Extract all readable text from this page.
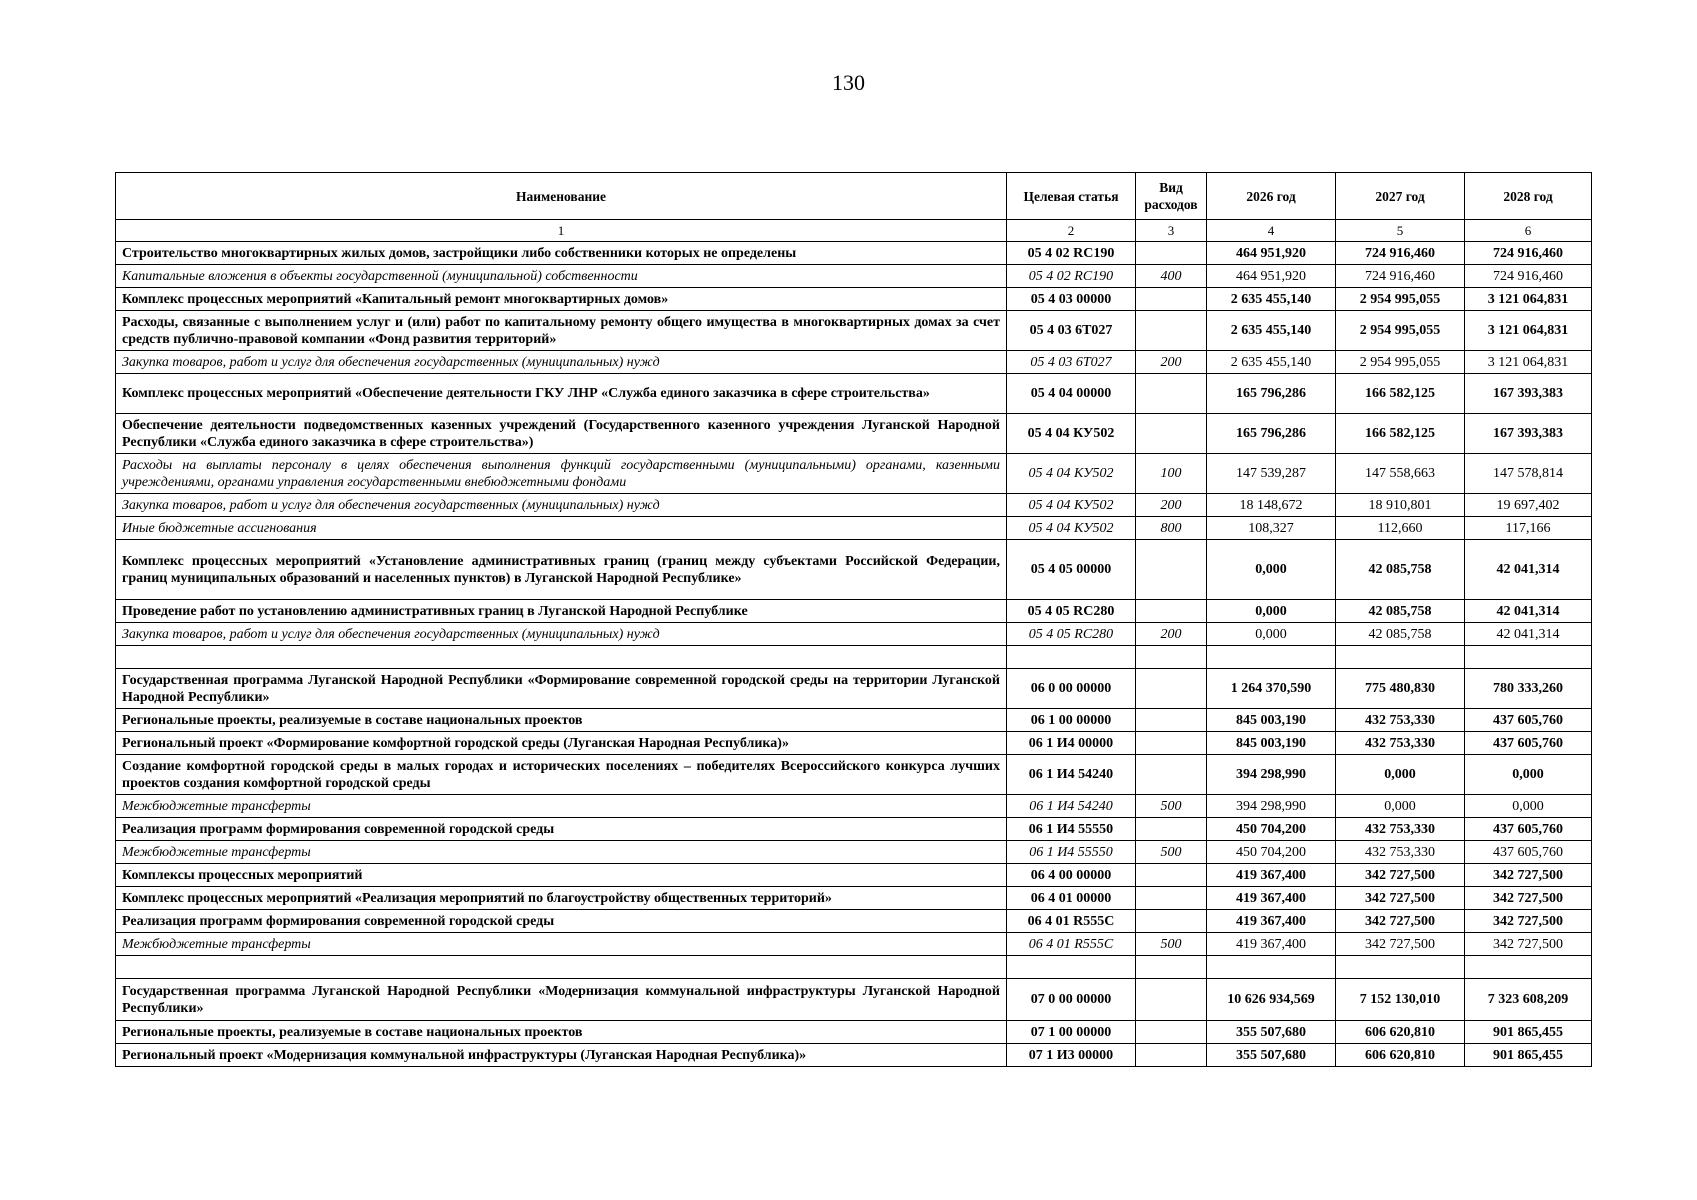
130
Наименование	Целевая статья	Вид расходов	2026 год	2027 год	2028 год
1	2	3	4	5	6
Строительство многоквартирных жилых домов, застройщики либо собственники которых не определены	05 4 02 RC190		464 951,920	724 916,460	724 916,460
Капитальные вложения в объекты государственной (муниципальной) собственности	05 4 02 RC190	400	464 951,920	724 916,460	724 916,460
Комплекс процессных мероприятий «Капитальный ремонт многоквартирных домов»	05 4 03 00000		2 635 455,140	2 954 995,055	3 121 064,831
Расходы, связанные с выполнением услуг и (или) работ по капитальному ремонту общего имущества в многоквартирных домах за счет средств публично-правовой компании «Фонд развития территорий»	05 4 03 6Т027		2 635 455,140	2 954 995,055	3 121 064,831
Закупка товаров, работ и услуг для обеспечения государственных (муниципальных) нужд	05 4 03 6Т027	200	2 635 455,140	2 954 995,055	3 121 064,831
Комплекс процессных мероприятий «Обеспечение деятельности ГКУ ЛНР «Служба единого заказчика в сфере строительства»	05 4 04 00000		165 796,286	166 582,125	167 393,383
Обеспечение деятельности подведомственных казенных учреждений (Государственного казенного учреждения Луганской Народной Республики «Служба единого заказчика в сфере строительства»)	05 4 04 КУ502		165 796,286	166 582,125	167 393,383
Расходы на выплаты персоналу в целях обеспечения выполнения функций государственными (муниципальными) органами, казенными учреждениями, органами управления государственными внебюджетными фондами	05 4 04 КУ502	100	147 539,287	147 558,663	147 578,814
Закупка товаров, работ и услуг для обеспечения государственных (муниципальных) нужд	05 4 04 КУ502	200	18 148,672	18 910,801	19 697,402
Иные бюджетные ассигнования	05 4 04 КУ502	800	108,327	112,660	117,166
Комплекс процессных мероприятий «Установление административных границ (границ между субъектами Российской Федерации, границ муниципальных образований и населенных пунктов) в Луганской Народной Республике»	05 4 05 00000		0,000	42 085,758	42 041,314
Проведение работ по установлению административных границ в Луганской Народной Республике	05 4 05 RC280		0,000	42 085,758	42 041,314
Закупка товаров, работ и услуг для обеспечения государственных (муниципальных) нужд	05 4 05 RC280	200	0,000	42 085,758	42 041,314

Государственная программа Луганской Народной Республики «Формирование современной городской среды на территории Луганской Народной Республики»	06 0 00 00000		1 264 370,590	775 480,830	780 333,260
Региональные проекты, реализуемые в составе национальных проектов	06 1 00 00000		845 003,190	432 753,330	437 605,760
Региональный проект «Формирование комфортной городской среды (Луганская Народная Республика)»	06 1 И4 00000		845 003,190	432 753,330	437 605,760
Создание комфортной городской среды в малых городах и исторических поселениях – победителях Всероссийского конкурса лучших проектов создания комфортной городской среды	06 1 И4 54240		394 298,990	0,000	0,000
Межбюджетные трансферты	06 1 И4 54240	500	394 298,990	0,000	0,000
Реализация программ формирования современной городской среды	06 1 И4 55550		450 704,200	432 753,330	437 605,760
Межбюджетные трансферты	06 1 И4 55550	500	450 704,200	432 753,330	437 605,760
Комплексы процессных мероприятий	06 4 00 00000		419 367,400	342 727,500	342 727,500
Комплекс процессных мероприятий «Реализация мероприятий по благоустройству общественных территорий»	06 4 01 00000		419 367,400	342 727,500	342 727,500
Реализация программ формирования современной городской среды	06 4 01 R555С		419 367,400	342 727,500	342 727,500
Межбюджетные трансферты	06 4 01 R555С	500	419 367,400	342 727,500	342 727,500

Государственная программа Луганской Народной Республики «Модернизация коммунальной инфраструктуры Луганской Народной Республики»	07 0 00 00000		10 626 934,569	7 152 130,010	7 323 608,209
Региональные проекты, реализуемые в составе национальных проектов	07 1 00 00000		355 507,680	606 620,810	901 865,455
Региональный проект «Модернизация коммунальной инфраструктуры (Луганская Народная Республика)»	07 1 И3 00000		355 507,680	606 620,810	901 865,455
